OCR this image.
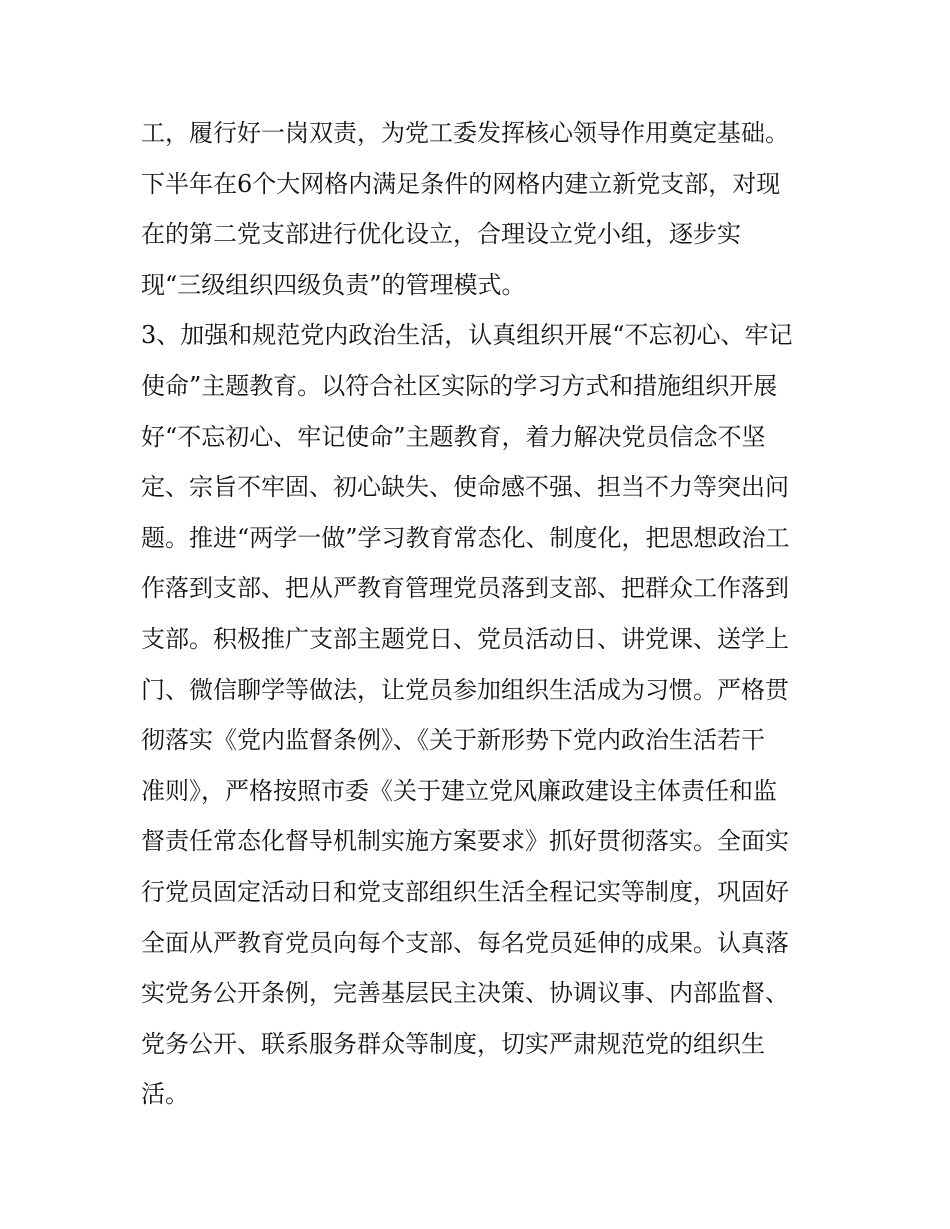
工，履行好一岗双责，为党工委发挥核心领导作用奠定基础。
下半年在6个大网格内满足条件的网格内建立新党支部，对现
在的第二党支部进行优化设立，合理设立党小组，逐步实
现“三级组织四级负责”的管理模式。
3、加强和规范党内政治生活，认真组织开展“不忘初心、牢记
使命”主题教育。以符合社区实际的学习方式和措施组织开展
好“不忘初心、牢记使命”主题教育，着力解决党员信念不坚
定、宗旨不牢固、初心缺失、使命感不强、担当不力等突出问
题。推进“两学一做”学习教育常态化、制度化，把思想政治工
作落到支部、把从严教育管理党员落到支部、把群众工作落到
支部。积极推广支部主题党日、党员活动日、讲党课、送学上
门、微信聊学等做法，让党员参加组织生活成为习惯。严格贯
彻落实《党内监督条例》、《关于新形势下党内政治生活若干
准则》，严格按照市委《关于建立党风廉政建设主体责任和监
督责任常态化督导机制实施方案要求》抓好贯彻落实。全面实
行党员固定活动日和党支部组织生活全程记实等制度，巩固好
全面从严教育党员向每个支部、每名党员延伸的成果。认真落
实党务公开条例，完善基层民主决策、协调议事、内部监督、
党务公开、联系服务群众等制度，切实严肃规范党的组织生
活。
